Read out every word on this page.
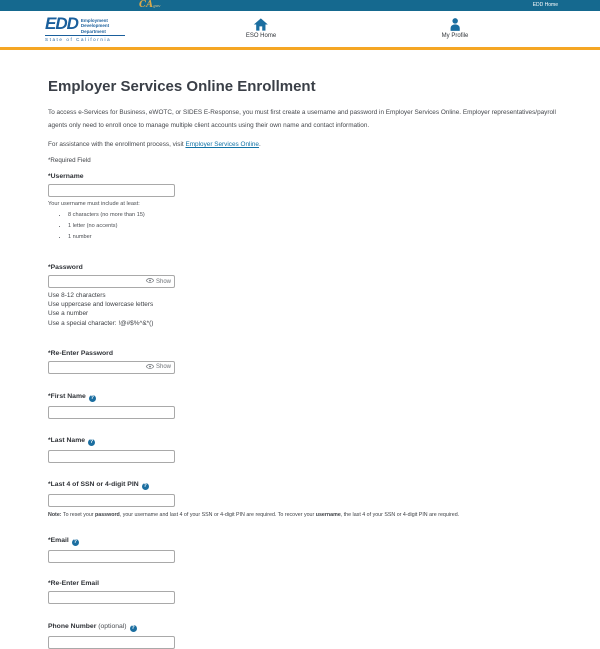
CAgov	EDD Home
EDD Employment
Development
Department
State of California
ESO Home	My Profile
Employer Services Online Enrollment

To access e-Services for Business, eWOTC, or SIDES E-Response, you must first create a username and password in Employer Services Online. Employer representatives/payroll agents only need to enroll once to manage multiple client accounts using their own name and contact information.

For assistance with the enrollment process, visit Employer Services Online.

*Required Field

*Username
Your username must include at least:
• 8 characters (no more than 15)
• 1 letter (no accents)
• 1 number
*Password
Show
Use 8-12 characters
Use uppercase and lowercase letters
Use a number
Use a special character: !@#$%^&*()
*Re-Enter Password
Show
*First Name ?
*Last Name ?
*Last 4 of SSN or 4-digit PIN ?
Note: To reset your password, your username and last 4 of your SSN or 4-digit PIN are required. To recover your username, the last 4 of your SSN or 4-digit PIN are required.
*Email ?
*Re-Enter Email
Phone Number (optional) ?
